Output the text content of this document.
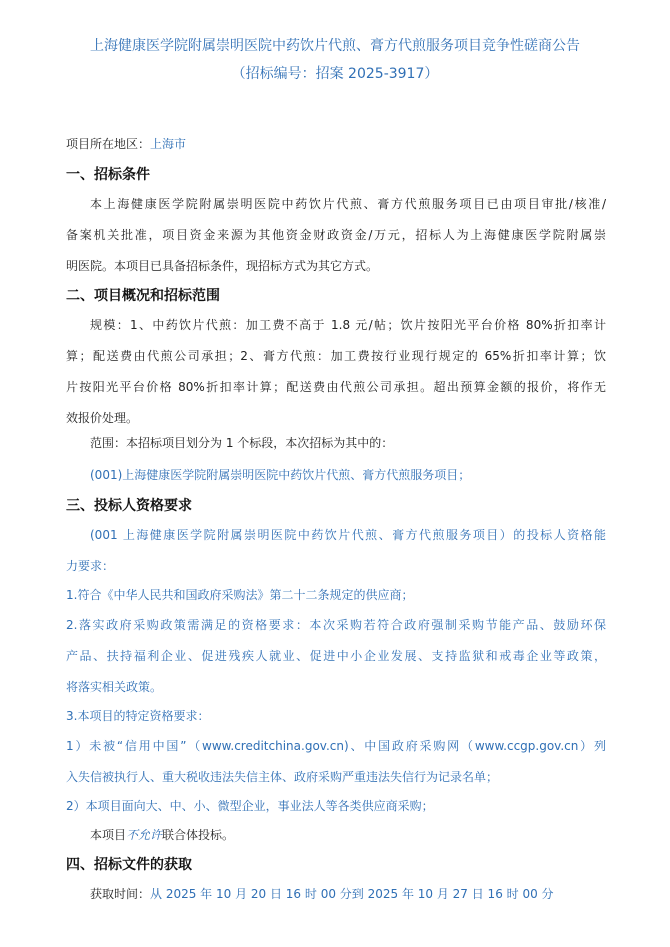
上海健康医学院附属崇明医院中药饮片代煎、膏方代煎服务项目竞争性磋商公告
（招标编号：招案 2025-3917）
项目所在地区：上海市
一、招标条件
本上海健康医学院附属崇明医院中药饮片代煎、膏方代煎服务项目已由项目审批/核准/
备案机关批准，项目资金来源为其他资金财政资金/万元，招标人为上海健康医学院附属崇
明医院。本项目已具备招标条件，现招标方式为其它方式。
二、项目概况和招标范围
规模：1、中药饮片代煎：加工费不高于 1.8 元/帖；饮片按阳光平台价格 80%折扣率计
算；配送费由代煎公司承担；2、膏方代煎：加工费按行业现行规定的 65%折扣率计算；饮
片按阳光平台价格 80%折扣率计算；配送费由代煎公司承担。超出预算金额的报价，将作无
效报价处理。
范围：本招标项目划分为 1 个标段，本次招标为其中的：
(001)上海健康医学院附属崇明医院中药饮片代煎、膏方代煎服务项目；
三、投标人资格要求
(001 上海健康医学院附属崇明医院中药饮片代煎、膏方代煎服务项目）的投标人资格能
力要求：
1.符合《中华人民共和国政府采购法》第二十二条规定的供应商；
2.落实政府采购政策需满足的资格要求：本次采购若符合政府强制采购节能产品、鼓励环保
产品、扶持福利企业、促进残疾人就业、促进中小企业发展、支持监狱和戒毒企业等政策，
将落实相关政策。
3.本项目的特定资格要求：
1）未被“信用中国”（www.creditchina.gov.cn)、中国政府采购网（www.ccgp.gov.cn）列
入失信被执行人、重大税收违法失信主体、政府采购严重违法失信行为记录名单；
2）本项目面向大、中、小、微型企业，事业法人等各类供应商采购；
本项目不允许联合体投标。
四、招标文件的获取
获取时间：从 2025 年 10 月 20 日 16 时 00 分到 2025 年 10 月 27 日 16 时 00 分
